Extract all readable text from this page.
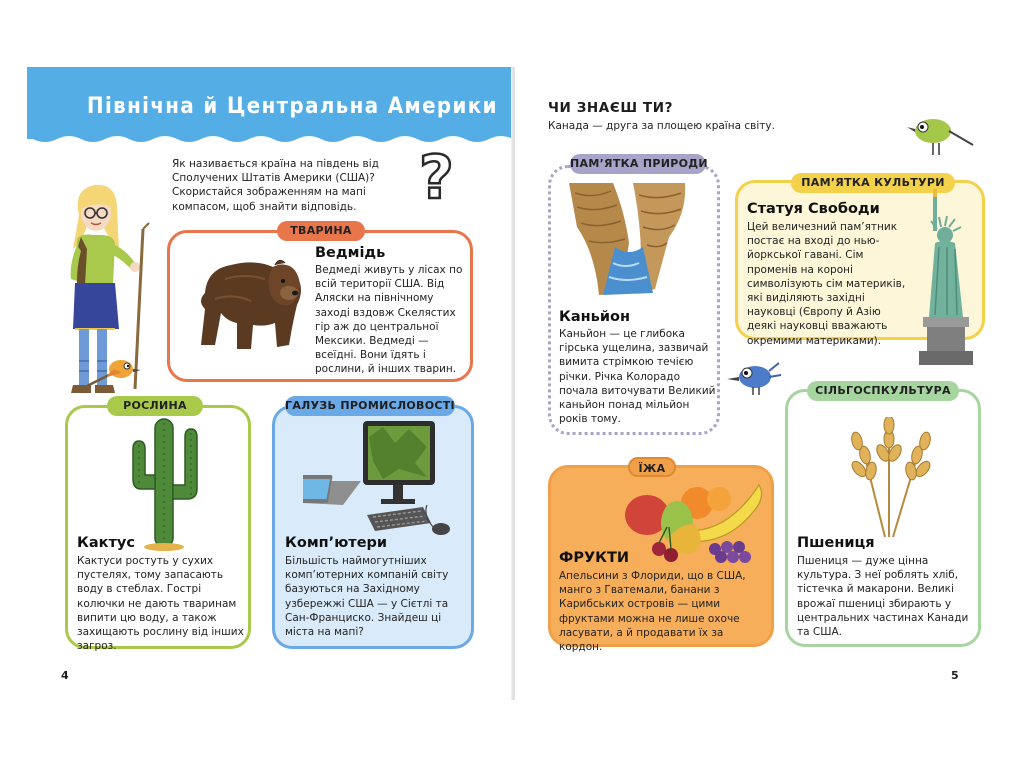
Північна й Центральна Америки
Як називається країна на південь від Сполучених Штатів Америки (США)? Скористайся зображенням на мапі компасом, щоб знайти відповідь.	?
ТВАРИНА
Ведмідь
Ведмеді живуть у лісах по всій території США. Від Аляски на північному заході вздовж Скелястих гір аж до центральної Мексики. Ведмеді — всеїдні. Вони їдять і рослини, й інших тварин.
РОСЛИНА
Кактус
Кактуси ростуть у сухих пустелях, тому запасають воду в стеблах. Гострі колючки не дають тваринам випити цю воду, а також захищають рослину від інших загроз.
ГАЛУЗЬ ПРОМИСЛОВОСТІ
Комп’ютери
Більшість наймогутніших комп’ютерних компаній світу базуються на Західному узбережжі США — у Сієтлі та Сан-Франциско. Знайдеш ці міста на мапі?
4
ЧИ ЗНАЄШ ТИ?
Канада — друга за площею країна світу.
ПАМ’ЯТКА ПРИРОДИ
Каньйон
Каньйон — це глибока гірська ущелина, зазвичай вимита стрімкою течією річки. Річка Колорадо почала виточувати Великий каньйон понад мільйон років тому.
ПАМ’ЯТКА КУЛЬТУРИ
Статуя Свободи
Цей величезний пам’ятник постає на вході до нью-йоркської гавані. Сім променів на короні символізують сім материків, які виділяють західні науковці (Європу й Азію деякі науковці вважають окремими материками).
ЇЖА
ФРУКТИ
Апельсини з Флориди, що в США, манго з Гватемали, банани з Карибських островів — цими фруктами можна не лише охоче ласувати, а й продавати їх за кордон.
СІЛЬГОСПКУЛЬТУРА
Пшениця
Пшениця — дуже цінна культура. З неї роблять хліб, тістечка й макарони. Великі врожаї пшениці збирають у центральних частинах Канади та США.
5
